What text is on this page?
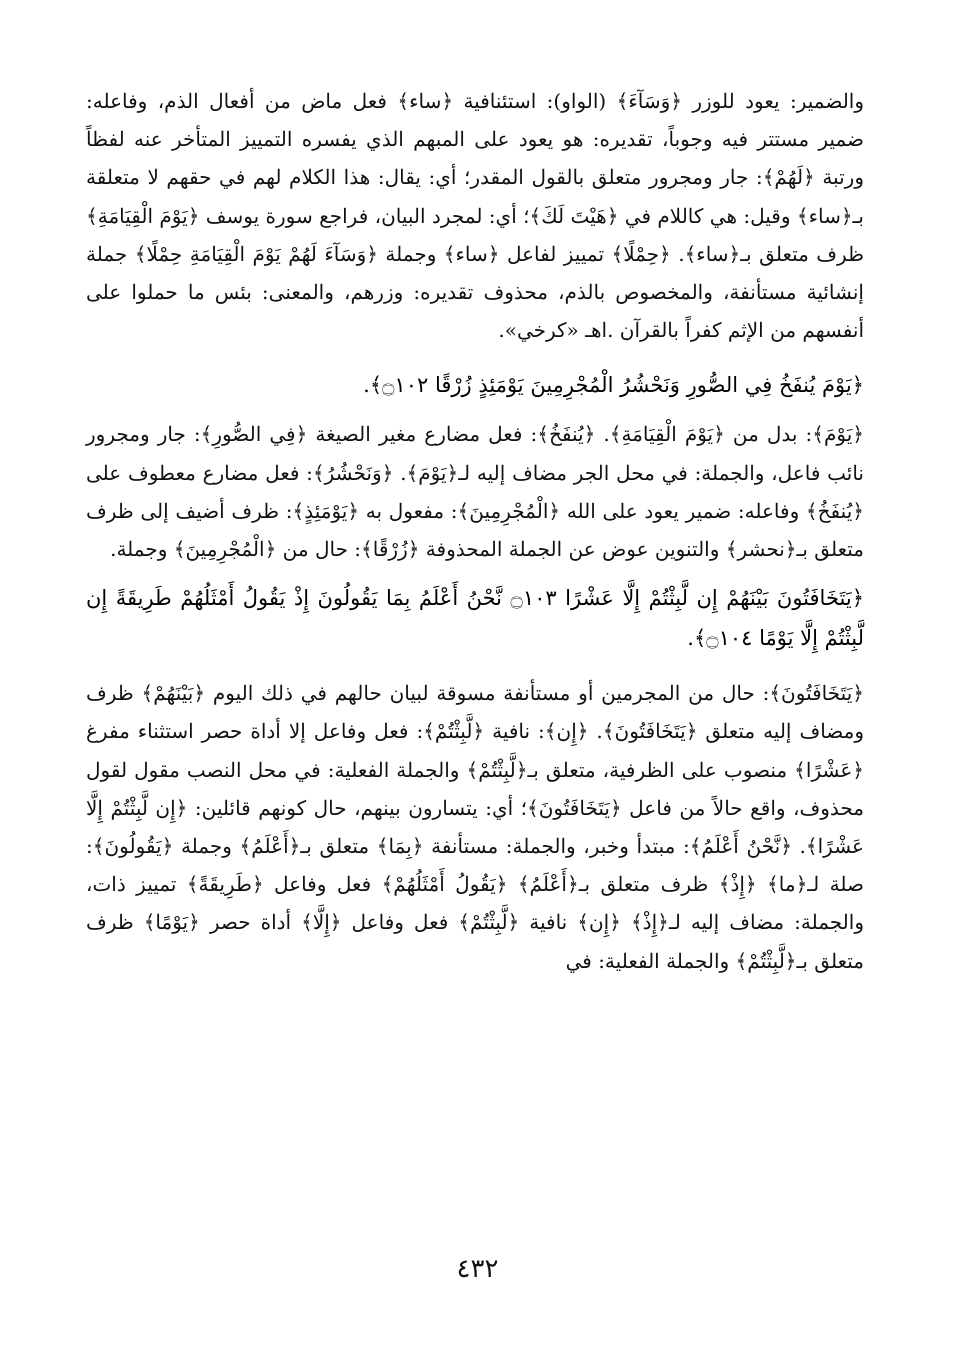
والضمير: يعود للوزر ﴿وَسَآءَ﴾ (الواو): استئنافية ﴿ساء﴾ فعل ماض من أفعال الذم، وفاعله: ضمير مستتر فيه وجوباً، تقديره: هو يعود على المبهم الذي يفسره التمييز المتأخر عنه لفظاً ورتبة ﴿لَهُمْ﴾: جار ومجرور متعلق بالقول المقدر؛ أي: يقال: هذا الكلام لهم في حقهم لا متعلقة بـ﴿ساء﴾ وقيل: هي كاللام في ﴿هَيْتَ لَكَ﴾؛ أي: لمجرد البيان، فراجع سورة يوسف ﴿يَوْمَ الْقِيَامَةِ﴾ ظرف متعلق بـ﴿ساء﴾. ﴿حِمْلًا﴾ تمييز لفاعل ﴿ساء﴾ وجملة ﴿وَسَآءَ لَهُمْ يَوْمَ الْقِيَامَةِ حِمْلًا﴾ جملة إنشائية مستأنفة، والمخصوص بالذم، محذوف تقديره: وزرهم، والمعنى: بئس ما حملوا على أنفسهم من الإثم كفراً بالقرآن .اهـ «كرخي».

﴿يَوْمَ يُنفَخُ فِي الصُّورِ وَنَحْشُرُ الْمُجْرِمِينَ يَوْمَئِذٍ زُرْقًا ۝١٠٢﴾.

﴿يَوْمَ﴾: بدل من ﴿يَوْمَ الْقِيَامَةِ﴾. ﴿يُنفَخُ﴾: فعل مضارع مغير الصيغة ﴿فِي الصُّورِ﴾: جار ومجرور نائب فاعل، والجملة: في محل الجر مضاف إليه لـ﴿يَوْمَ﴾. ﴿وَنَحْشُرُ﴾: فعل مضارع معطوف على ﴿يُنفَخُ﴾ وفاعله: ضمير يعود على الله ﴿الْمُجْرِمِينَ﴾: مفعول به ﴿يَوْمَئِذٍ﴾: ظرف أضيف إلى ظرف متعلق بـ﴿نحشر﴾ والتنوين عوض عن الجملة المحذوفة ﴿زُرْقًا﴾: حال من ﴿الْمُجْرِمِينَ﴾ وجملة.

﴿يَتَخَافَتُونَ بَيْنَهُمْ إِن لَّبِثْتُمْ إِلَّا عَشْرًا ۝١٠٣ نَّحْنُ أَعْلَمُ بِمَا يَقُولُونَ إِذْ يَقُولُ أَمْثَلُهُمْ طَرِيقَةً إِن لَّبِثْتُمْ إِلَّا يَوْمًا ۝١٠٤﴾.

﴿يَتَخَافَتُونَ﴾: حال من المجرمين أو مستأنفة مسوقة لبيان حالهم في ذلك اليوم ﴿بَيْنَهُمْ﴾ ظرف ومضاف إليه متعلق ﴿يَتَخَافَتُونَ﴾. ﴿إِن﴾: نافية ﴿لَّبِثْتُمْ﴾: فعل وفاعل إلا أداة حصر استثناء مفرغ ﴿عَشْرًا﴾ منصوب على الظرفية، متعلق بـ﴿لَّبِثْتُمْ﴾ والجملة الفعلية: في محل النصب مقول لقول محذوف، واقع حالاً من فاعل ﴿يَتَخَافَتُونَ﴾؛ أي: يتسارون بينهم، حال كونهم قائلين: ﴿إِن لَّبِثْتُمْ إِلَّا عَشْرًا﴾. ﴿نَّحْنُ أَعْلَمُ﴾: مبتدأ وخبر، والجملة: مستأنفة ﴿بِمَا﴾ متعلق بـ﴿أَعْلَمُ﴾ وجملة ﴿يَقُولُونَ﴾: صلة لـ﴿ما﴾ ﴿إِذْ﴾ ظرف متعلق بـ﴿أَعْلَمُ﴾ ﴿يَقُولُ أَمْثَلُهُمْ﴾ فعل وفاعل ﴿طَرِيقَةً﴾ تمييز ذات، والجملة: مضاف إليه لـ﴿إِذْ﴾ ﴿إِن﴾ نافية ﴿لَّبِثْتُمْ﴾ فعل وفاعل ﴿إِلَّا﴾ أداة حصر ﴿يَوْمًا﴾ ظرف متعلق بـ﴿لَّبِثْتُمْ﴾ والجملة الفعلية: في

٤٣٢
